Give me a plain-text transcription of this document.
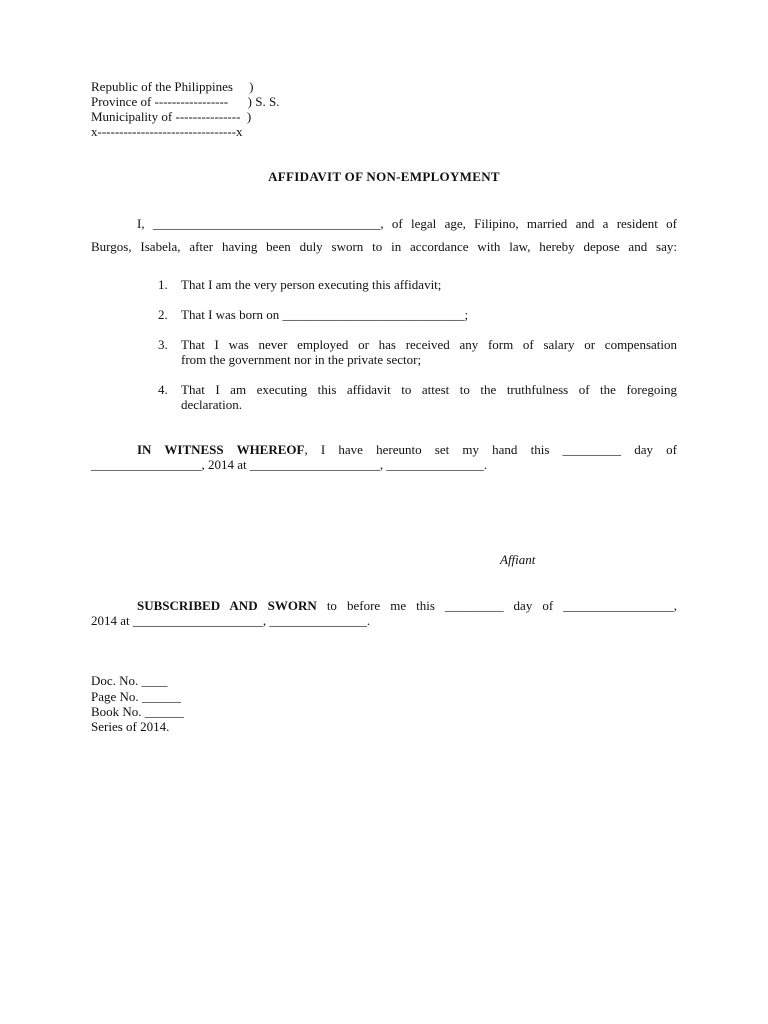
Republic of the Philippines     )
Province of -----------------      ) S. S.
Municipality of ---------------  )
x--------------------------------x
AFFIDAVIT OF NON-EMPLOYMENT
I, ___________________________________, of legal age, Filipino, married and a resident of
Burgos, Isabela, after having been duly sworn to in accordance with law, hereby depose and say:
1. That I am the very person executing this affidavit;
2. That I was born on ____________________________;
3. That I was never employed or has received any form of salary or compensation
from the government nor in the private sector;
4. That I am executing this affidavit to attest to the truthfulness of the foregoing
declaration.
IN WITNESS WHEREOF, I have hereunto set my hand this _________ day of
_________________, 2014 at ____________________, _______________.
Affiant
SUBSCRIBED AND SWORN to before me this _________ day of _________________,
2014 at ____________________, _______________.
Doc. No. ____
Page No. ______
Book No. ______
Series of 2014.
